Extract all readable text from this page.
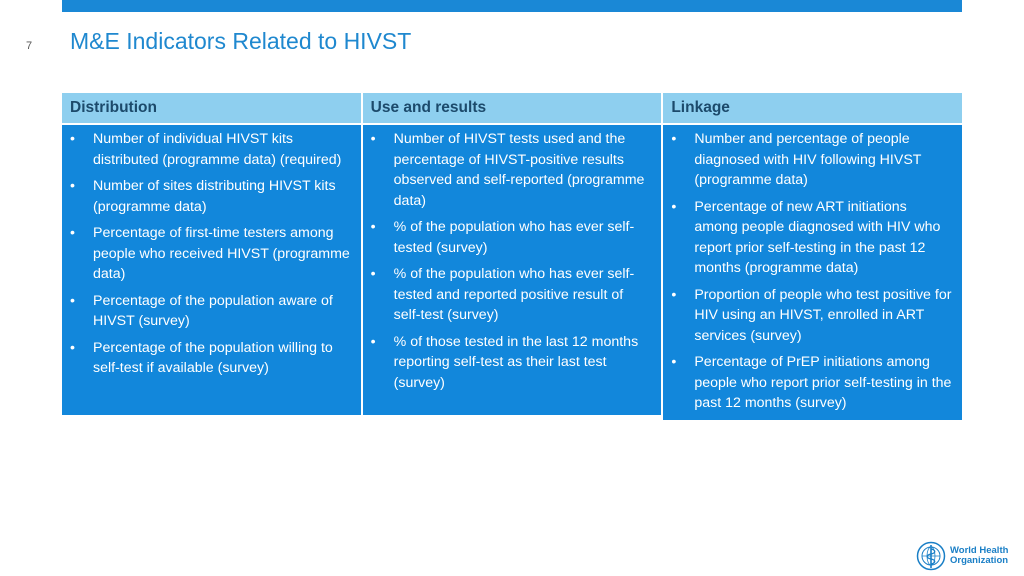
7 M&E Indicators Related to HIVST
Distribution
• Number of individual HIVST kits distributed (programme data) (required)
• Number of sites distributing HIVST kits (programme data)
• Percentage of first-time testers among people who received HIVST (programme data)
• Percentage of the population aware of HIVST (survey)
• Percentage of the population willing to self-test if available (survey)
Use and results
• Number of HIVST tests used and the percentage of HIVST-positive results observed and self-reported (programme data)
• % of the population who has ever self-tested (survey)
• % of the population who has ever self-tested and reported positive result of self-test (survey)
• % of those tested in the last 12 months reporting self-test as their last test (survey)
Linkage
• Number and percentage of people diagnosed with HIV following HIVST (programme data)
• Percentage of new ART initiations among people diagnosed with HIV who report prior self-testing in the past 12 months (programme data)
• Proportion of people who test positive for HIV using an HIVST, enrolled in ART services (survey)
• Percentage of PrEP initiations among people who report prior self-testing in the past 12 months (survey)
World Health
Organization
